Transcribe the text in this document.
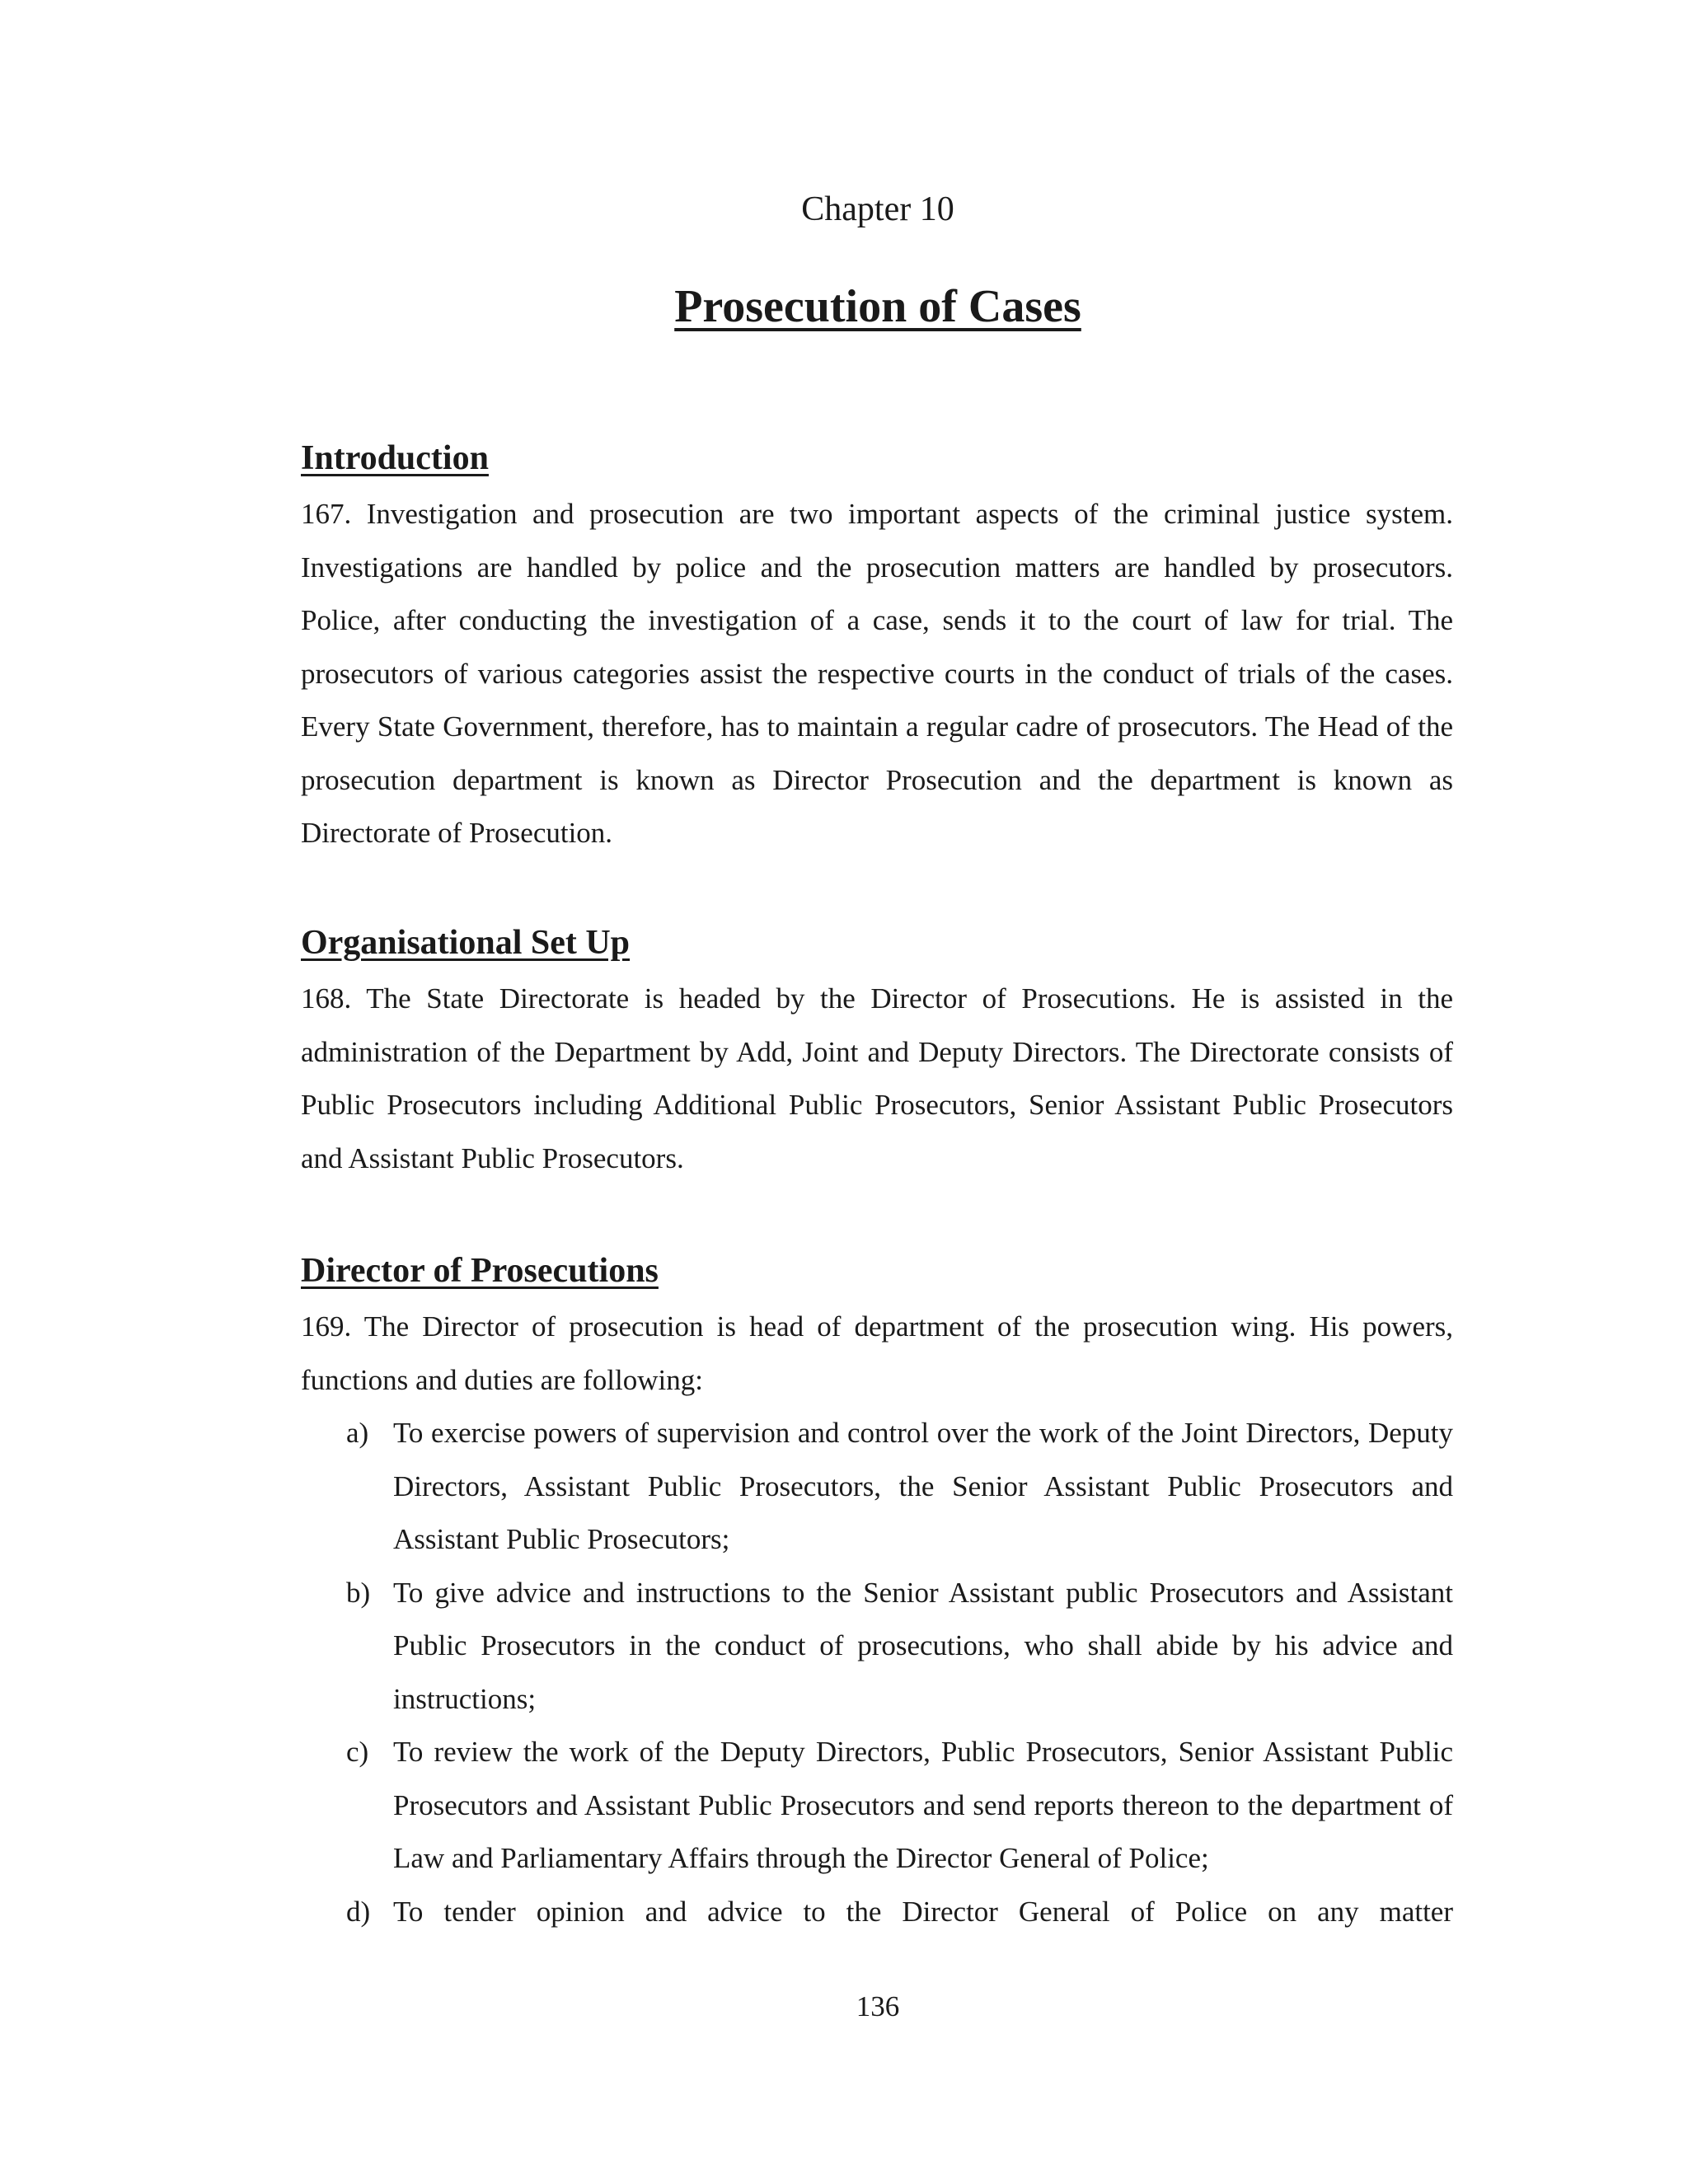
Chapter 10
Prosecution of Cases
Introduction

167. Investigation and prosecution are two important aspects of the criminal justice system. Investigations are handled by police and the prosecution matters are handled by prosecutors. Police, after conducting the investigation of a case, sends it to the court of law for trial. The prosecutors of various categories assist the respective courts in the conduct of trials of the cases. Every State Government, therefore, has to maintain a regular cadre of prosecutors. The Head of the prosecution department is known as Director Prosecution and the department is known as Directorate of Prosecution.

Organisational Set Up

168. The State Directorate is headed by the Director of Prosecutions. He is assisted in the administration of the Department by Add, Joint and Deputy Directors. The Directorate consists of Public Prosecutors including Additional Public Prosecutors, Senior Assistant Public Prosecutors and Assistant Public Prosecutors.

Director of Prosecutions

169. The Director of prosecution is head of department of the prosecution wing. His powers, functions and duties are following:

a) To exercise powers of supervision and control over the work of the Joint Directors, Deputy Directors, Assistant Public Prosecutors, the Senior Assistant Public Prosecutors and Assistant Public Prosecutors;
b) To give advice and instructions to the Senior Assistant public Prosecutors and Assistant Public Prosecutors in the conduct of prosecutions, who shall abide by his advice and instructions;
c) To review the work of the Deputy Directors, Public Prosecutors, Senior Assistant Public Prosecutors and Assistant Public Prosecutors and send reports thereon to the department of Law and Parliamentary Affairs through the Director General of Police;
d) To tender opinion and advice to the Director General of Police on any matter
136
